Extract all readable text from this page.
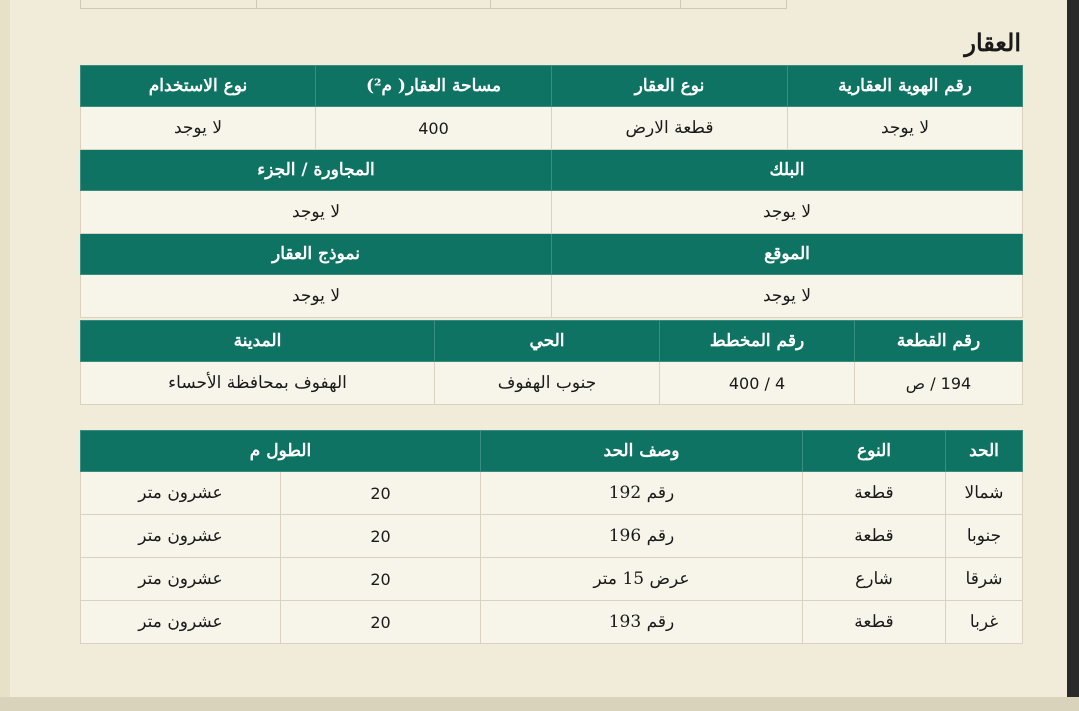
العقار
رقم الهوية العقارية	نوع العقار	مساحة العقار( م²)	نوع الاستخدام
لا يوجد	قطعة الارض	400	لا يوجد
البلك		المجاورة / الجزء	
لا يوجد		لا يوجد	
الموقع		نموذج العقار	
لا يوجد		لا يوجد	
رقم القطعة	رقم المخطط	الحي	المدينة
194 / ص	4 / 400	جنوب الهفوف	الهفوف بمحافظة الأحساء
الحد	النوع	وصف الحد	الطول م	
شمالا	قطعة	رقم 192	20	عشرون متر
جنوبا	قطعة	رقم 196	20	عشرون متر
شرقا	شارع	عرض 15 متر	20	عشرون متر
غربا	قطعة	رقم 193	20	عشرون متر
